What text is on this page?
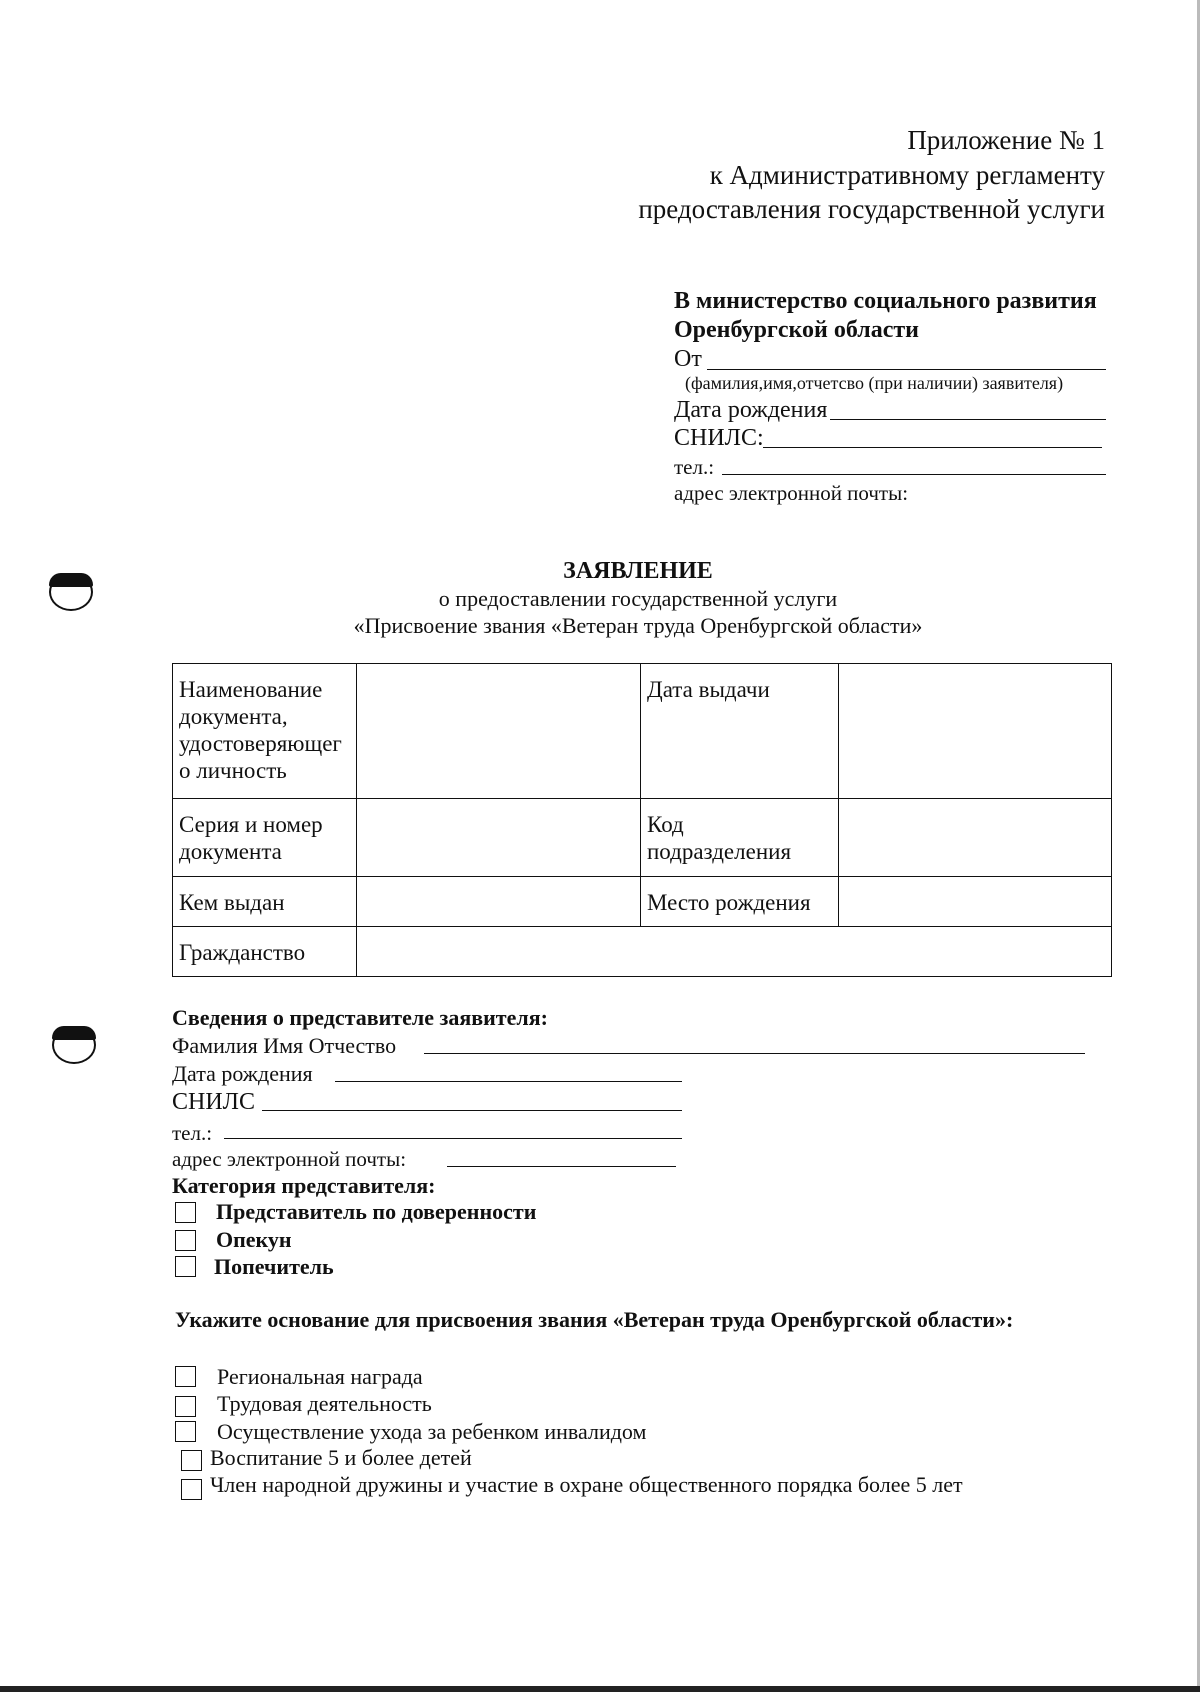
Приложение № 1
к Административному регламенту
предоставления государственной услуги
В министерство социального развития
Оренбургской области
От
(фамилия,имя,отчетсво (при наличии) заявителя)
Дата рождения
СНИЛС:
тел.:
адрес электронной почты:
ЗАЯВЛЕНИЕ
о предоставлении государственной услуги
«Присвоение звания «Ветеран труда Оренбургской области»
Наименование документа, удостоверяющег о личность		Дата выдачи	
Серия и номер документа		Код подразделения	
Кем выдан		Место рождения	
Гражданство			
Сведения о представителе заявителя:
Фамилия Имя Отчество
Дата рождения
СНИЛС
тел.:
адрес электронной почты:
Категория представителя:
Представитель по доверенности
Опекун
Попечитель
Укажите основание для присвоения звания «Ветеран труда Оренбургской области»:
Региональная награда
Трудовая деятельность
Осуществление ухода за ребенком инвалидом
Воспитание 5 и более детей
Член народной дружины и участие в охране общественного порядка более 5 лет
